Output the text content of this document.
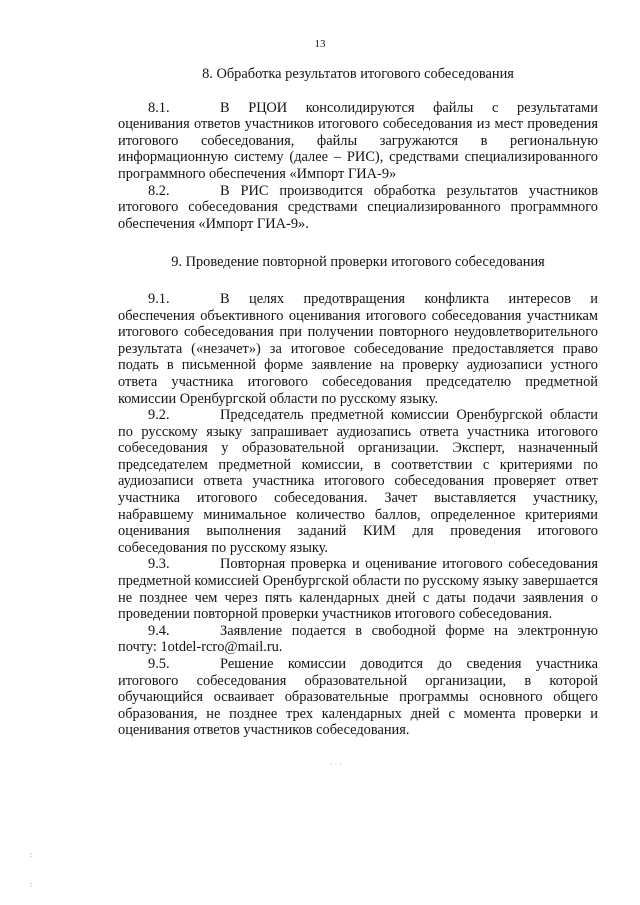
13
8. Обработка результатов итогового собеседования

8.1.	В РЦОИ консолидируются файлы с результатами оценивания ответов участников итогового собеседования из мест проведения итогового собеседования, файлы загружаются в региональную информационную систему (далее – РИС), средствами специализированного программного обеспечения «Импорт ГИА-9»

8.2.	В РИС производится обработка результатов участников итогового собеседования средствами специализированного программного обеспечения «Импорт ГИА-9».

9. Проведение повторной проверки итогового собеседования

9.1.	В целях предотвращения конфликта интересов и обеспечения объективного оценивания итогового собеседования участникам итогового собеседования при получении повторного неудовлетворительного результата («незачет») за итоговое собеседование предоставляется право подать в письменной форме заявление на проверку аудиозаписи устного ответа участника итогового собеседования председателю предметной комиссии Оренбургской области по русскому языку.

9.2.	Председатель предметной комиссии Оренбургской области по русскому языку запрашивает аудиозапись ответа участника итогового собеседования у образовательной организации. Эксперт, назначенный председателем предметной комиссии, в соответствии с критериями по аудиозаписи ответа участника итогового собеседования проверяет ответ участника итогового собеседования. Зачет выставляется участнику, набравшему минимальное количество баллов, определенное критериями оценивания выполнения заданий КИМ для проведения итогового собеседования по русскому языку.

9.3.	Повторная проверка и оценивание итогового собеседования предметной комиссией Оренбургской области по русскому языку завершается не позднее чем через пять календарных дней с даты подачи заявления о проведении повторной проверки участников итогового собеседования.

9.4.	Заявление подается в свободной форме на электронную почту: 1otdel-rcro@mail.ru.

9.5.	Решение комиссии доводится до сведения участника итогового собеседования образовательной организации, в которой обучающийся осваивает образовательные программы основного общего образования, не позднее трех календарных дней с момента проверки и оценивания ответов участников собеседования.

· · ·
:
:
